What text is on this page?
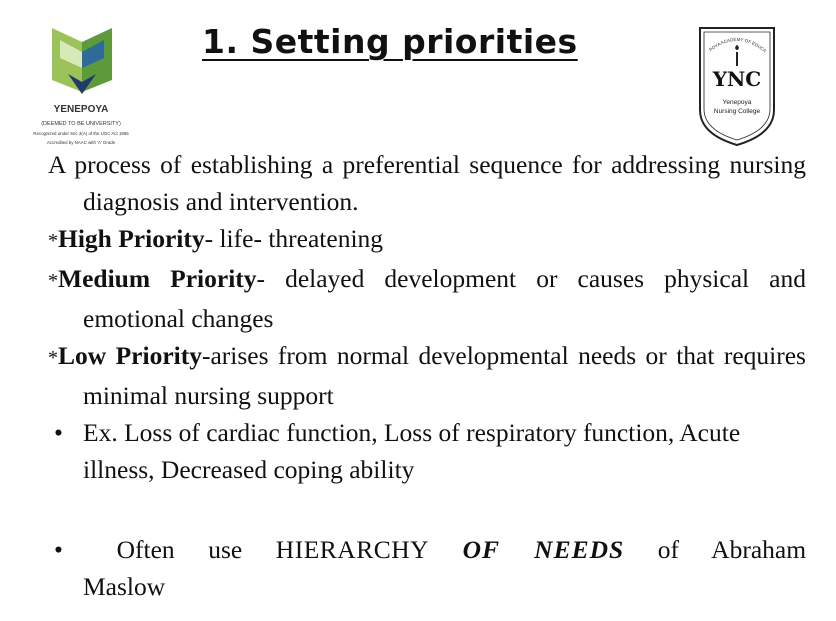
1. Setting priorities
YENEPOYA
(DEEMED TO BE UNIVERSITY)
Recognized under Sec 3(A) of the UGC Act 1956
Accredited by NAAC with 'A' Grade
POYA ACADEMY OF EDUCA
YNC
Yenepoya
Nursing College
A process of establishing a preferential sequence for addressing nursing diagnosis and intervention.
*High Priority- life- threatening
*Medium Priority- delayed development or causes physical and emotional changes
*Low Priority-arises from normal developmental needs or that requires minimal nursing support
• Ex. Loss of cardiac function, Loss of respiratory function, Acute illness, Decreased coping ability
•	Often use HIERARCHY OF NEEDS of Abraham
Maslow
